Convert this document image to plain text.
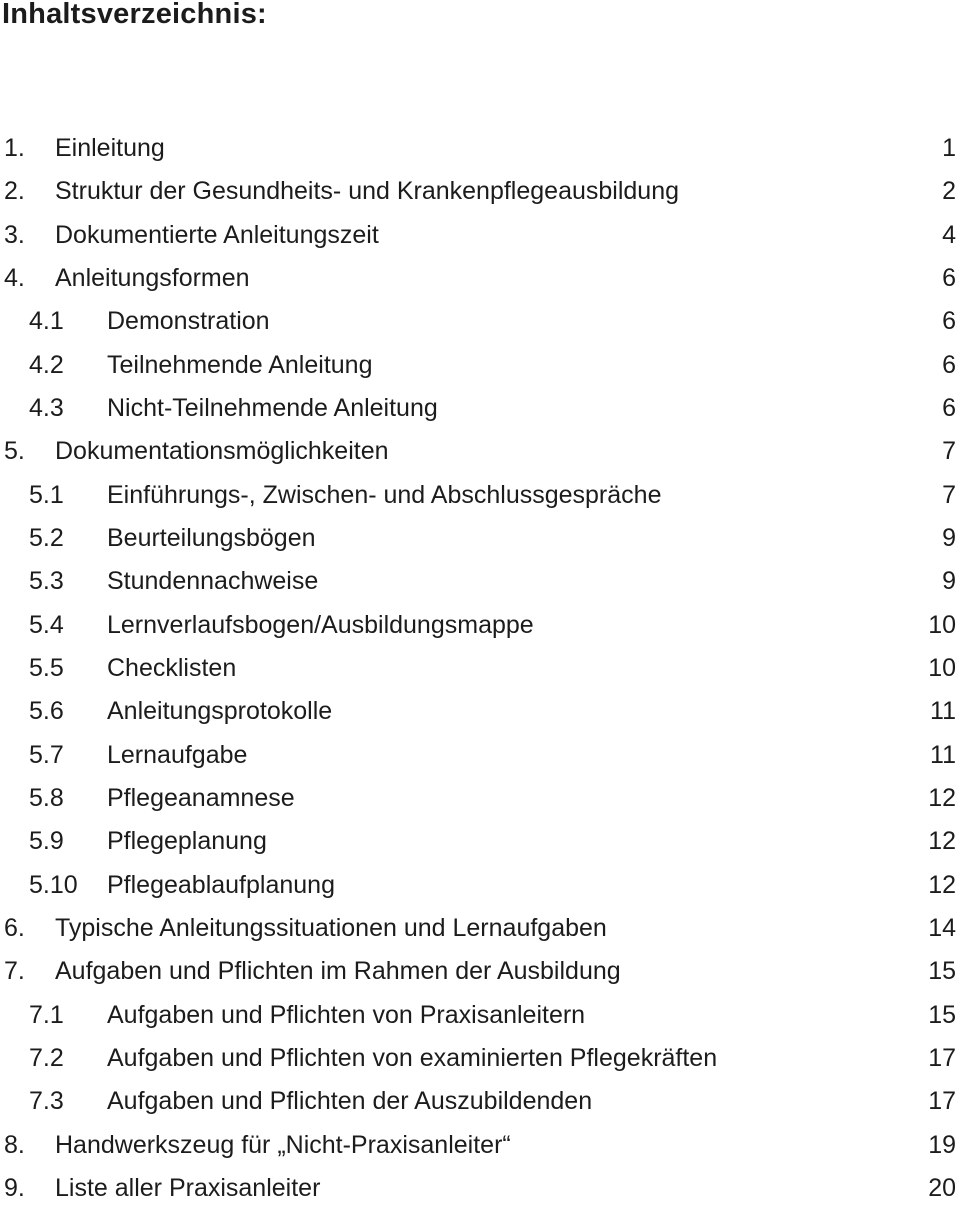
Inhaltsverzeichnis:
1. Einleitung	1
2. Struktur der Gesundheits- und Krankenpflegeausbildung	2
3. Dokumentierte Anleitungszeit	4
4. Anleitungsformen	6
4.1 Demonstration	6
4.2 Teilnehmende Anleitung	6
4.3 Nicht-Teilnehmende Anleitung	6
5. Dokumentationsmöglichkeiten	7
5.1 Einführungs-, Zwischen- und Abschlussgespräche	7
5.2 Beurteilungsbögen	9
5.3 Stundennachweise	9
5.4 Lernverlaufsbogen/Ausbildungsmappe	10
5.5 Checklisten	10
5.6 Anleitungsprotokolle	11
5.7 Lernaufgabe	11
5.8 Pflegeanamnese	12
5.9 Pflegeplanung	12
5.10 Pflegeablaufplanung	12
6. Typische Anleitungssituationen und Lernaufgaben	14
7. Aufgaben und Pflichten im Rahmen der Ausbildung	15
7.1 Aufgaben und Pflichten von Praxisanleitern	15
7.2 Aufgaben und Pflichten von examinierten Pflegekräften	17
7.3 Aufgaben und Pflichten der Auszubildenden	17
8. Handwerkszeug für „Nicht-Praxisanleiter“	19
9. Liste aller Praxisanleiter	20
